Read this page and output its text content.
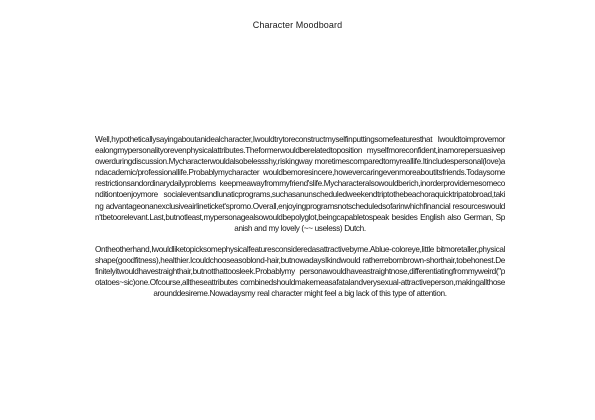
Character Moodboard

Well,hypotheticallysayingaboutanidealcharacter,Iwouldtrytoreconstructmyselfinputtingsomefeaturesthat Iwouldtoimprovemorealongmypersonalityorevenphysicalattributes.Theformerwouldberelatedtoposition myselfmoreconfident,inamorepersuasivepowerduringdiscussion.Mycharacterwouldalsobelessshy,riskingway moretimescomparedtomyreallife.Itincludespersonal(love)andacademic/professionallife.Probablymycharacter wouldbemoresincere,howevercaringevenmoreaboutitsfriends.Todaysomerestrictionsandordinarydailyproblems keepmeawayfrommyfriend'slife.Mycharacteralsowouldberich,inorderprovidemesomeconditiontoenjoymore socialeventsandlunaticprograms,suchasanunscheduledweekendtriptothebeachoraquicktripatobroad,taking advantageonanexclusiveairlineticket'spromo.Overall,enjoyingprogramsnotscheduledsofarinwhichfinancial resourceswouldn'tbetoorelevant.Last,butnotleast,mypersonagealsowouldbepolyglot,beingcapabletospeak besides English also German, Spanish and my lovely (~~ useless) Dutch.

Ontheotherhand,Iwouldliketopicksomephysicalfeaturesconsideredasattractivebyme.Ablue-coloreye,little bitmoretaller,physicalshape(goodfitness),healthier.Icouldchooseasoblond-hair,butnowadaysIkindwould ratherrebornbrown-shorthair,tobehonest.Definitelyitwouldhavestraighthair,butnotthattoosleek.Probablymy personawouldhaveastraightnose,differentiatingfrommyweird("potatoes~sic)one.Ofcourse,alltheseattributes combinedshouldmakemeasafatalandverysexual-attractiveperson,makingallthosearounddesireme.Nowadaysmy real character might feel a big lack of this type of attention.
